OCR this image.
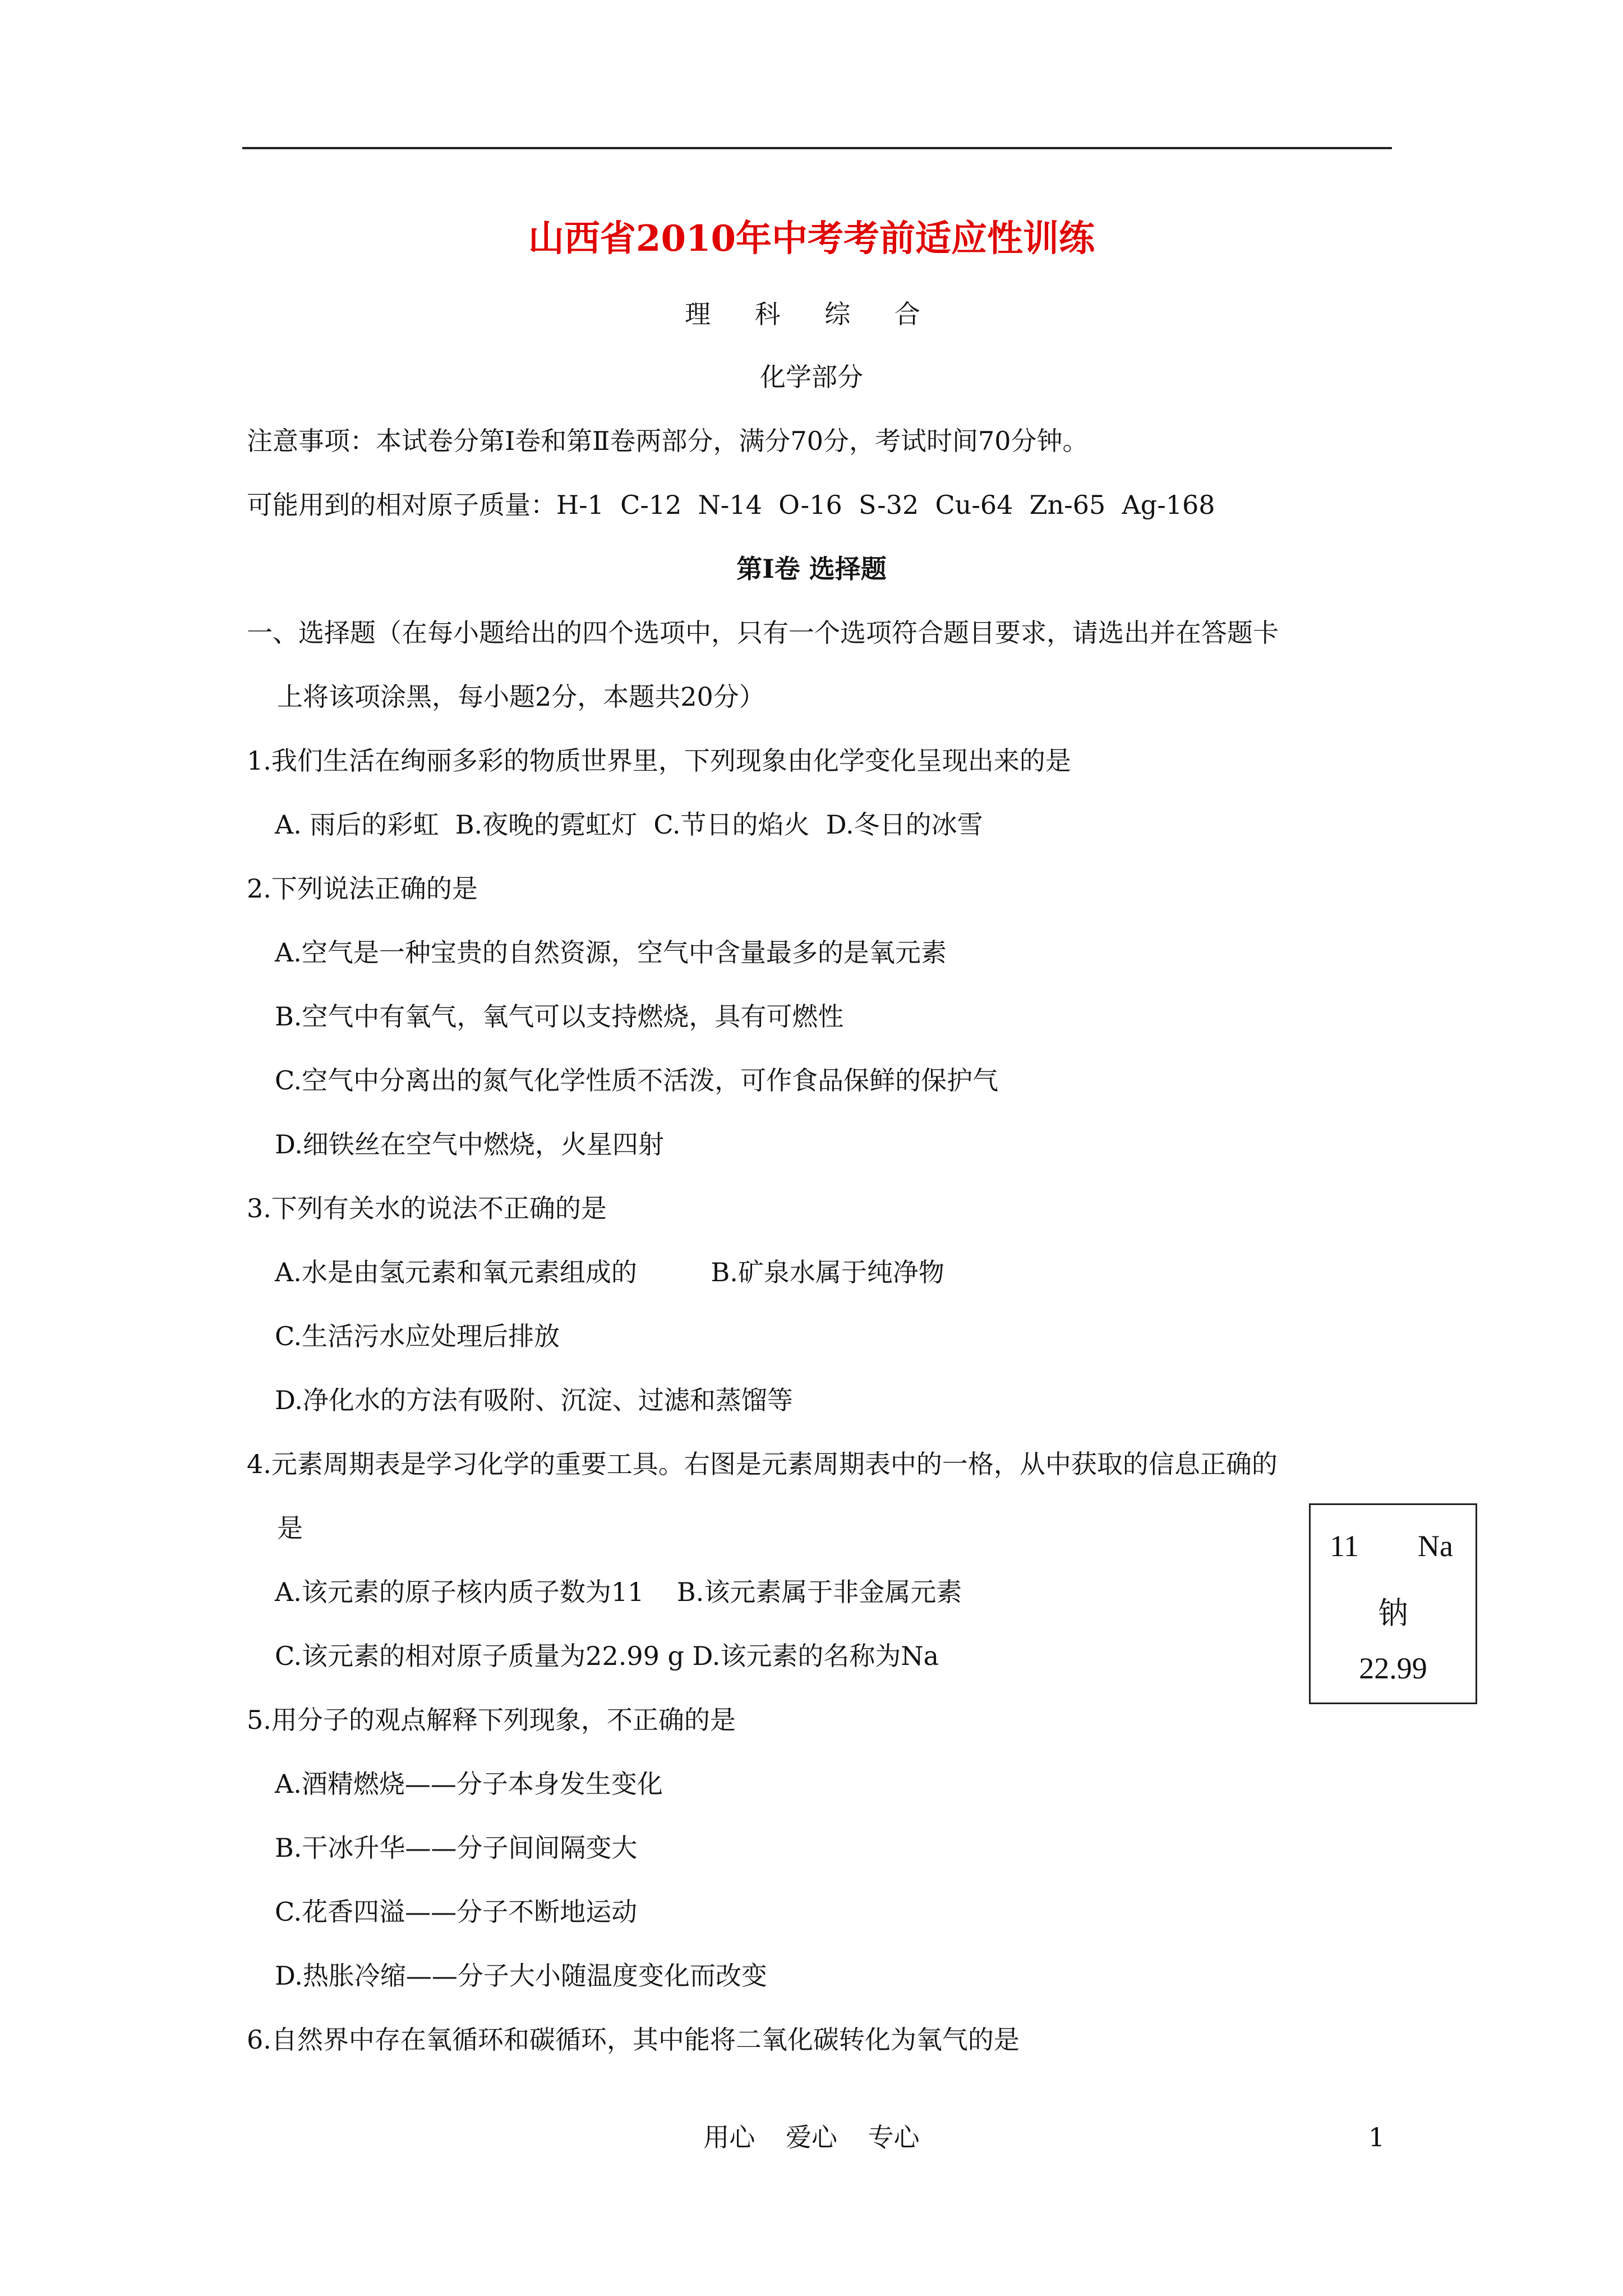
山西省2010年中考考前适应性训练
理 科 综 合
化学部分
注意事项：本试卷分第Ⅰ卷和第Ⅱ卷两部分，满分70分，考试时间70分钟。
可能用到的相对原子质量：H-1  C-12  N-14  O-16  S-32  Cu-64  Zn-65  Ag-168
第Ⅰ卷 选择题
一、选择题（在每小题给出的四个选项中，只有一个选项符合题目要求，请选出并在答题卡
上将该项涂黑，每小题2分，本题共20分）
1.我们生活在绚丽多彩的物质世界里，下列现象由化学变化呈现出来的是
A. 雨后的彩虹  B.夜晚的霓虹灯  C.节日的焰火  D.冬日的冰雪
2.下列说法正确的是
A.空气是一种宝贵的自然资源，空气中含量最多的是氧元素
B.空气中有氧气，氧气可以支持燃烧，具有可燃性
C.空气中分离出的氮气化学性质不活泼，可作食品保鲜的保护气
D.细铁丝在空气中燃烧，火星四射
3.下列有关水的说法不正确的是
A.水是由氢元素和氧元素组成的         B.矿泉水属于纯净物
C.生活污水应处理后排放
D.净化水的方法有吸附、沉淀、过滤和蒸馏等
4.元素周期表是学习化学的重要工具。右图是元素周期表中的一格，从中获取的信息正确的
是
A.该元素的原子核内质子数为11    B.该元素属于非金属元素
C.该元素的相对原子质量为22.99 g D.该元素的名称为Na
11 Na
钠
22.99
5.用分子的观点解释下列现象，不正确的是
A.酒精燃烧——分子本身发生变化
B.干冰升华——分子间间隔变大
C.花香四溢——分子不断地运动
D.热胀冷缩——分子大小随温度变化而改变
6.自然界中存在氧循环和碳循环，其中能将二氧化碳转化为氧气的是
用心 爱心 专心	1
